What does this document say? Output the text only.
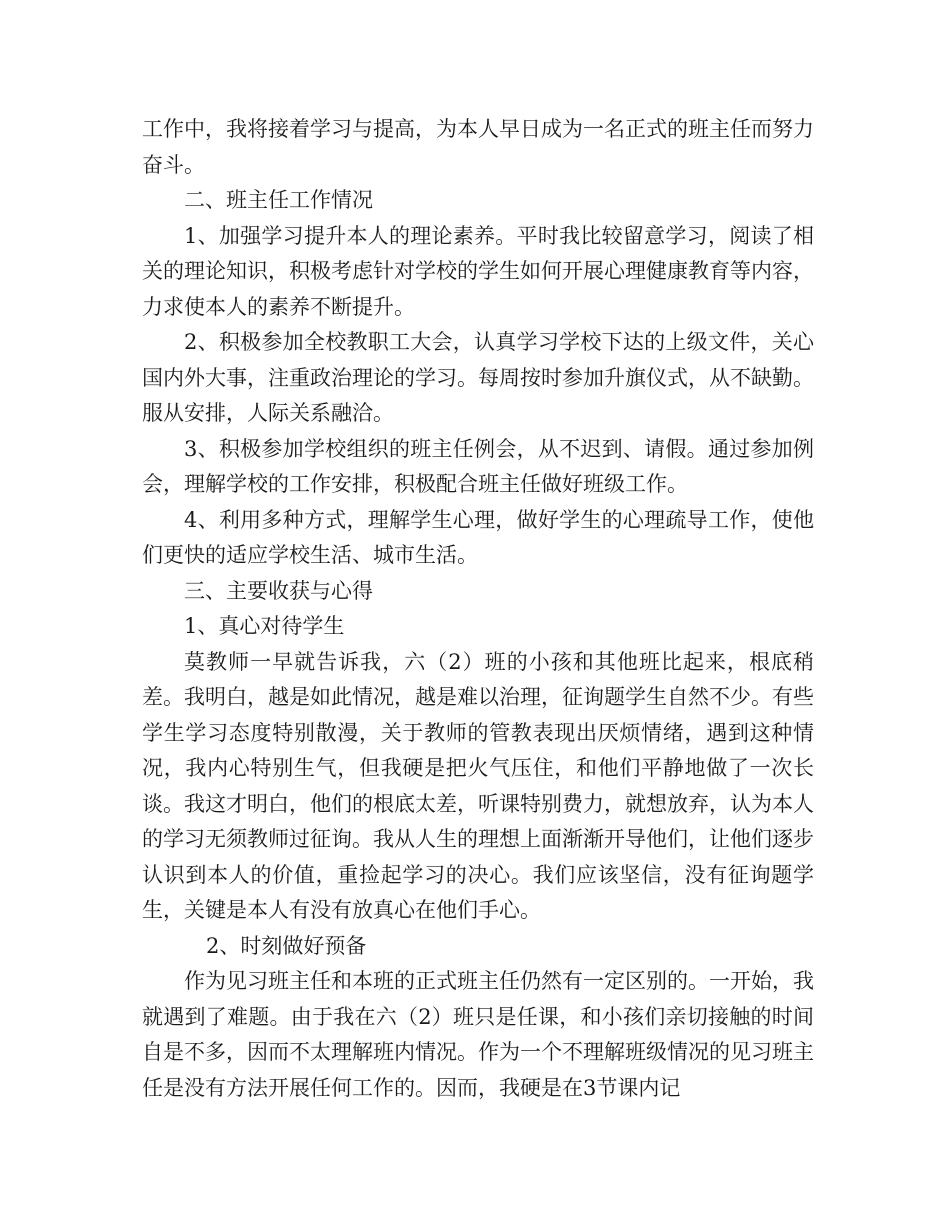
工作中，我将接着学习与提高，为本人早日成为一名正式的班主任而努力奋斗。

二、班主任工作情况

1、加强学习提升本人的理论素养。平时我比较留意学习，阅读了相关的理论知识，积极考虑针对学校的学生如何开展心理健康教育等内容，力求使本人的素养不断提升。

2、积极参加全校教职工大会，认真学习学校下达的上级文件，关心国内外大事，注重政治理论的学习。每周按时参加升旗仪式，从不缺勤。服从安排，人际关系融洽。

3、积极参加学校组织的班主任例会，从不迟到、请假。通过参加例会，理解学校的工作安排，积极配合班主任做好班级工作。

4、利用多种方式，理解学生心理，做好学生的心理疏导工作，使他们更快的适应学校生活、城市生活。

三、主要收获与心得

1、真心对待学生

莫教师一早就告诉我，六（2）班的小孩和其他班比起来，根底稍差。我明白，越是如此情况，越是难以治理，征询题学生自然不少。有些学生学习态度特别散漫，关于教师的管教表现出厌烦情绪，遇到这种情况，我内心特别生气，但我硬是把火气压住，和他们平静地做了一次长谈。我这才明白，他们的根底太差，听课特别费力，就想放弃，认为本人的学习无须教师过征询。我从人生的理想上面渐渐开导他们，让他们逐步认识到本人的价值，重捡起学习的决心。我们应该坚信，没有征询题学生，关键是本人有没有放真心在他们手心。

2、时刻做好预备

作为见习班主任和本班的正式班主任仍然有一定区别的。一开始，我就遇到了难题。由于我在六（2）班只是任课，和小孩们亲切接触的时间自是不多，因而不太理解班内情况。作为一个不理解班级情况的见习班主任是没有方法开展任何工作的。因而，我硬是在3节课内记
